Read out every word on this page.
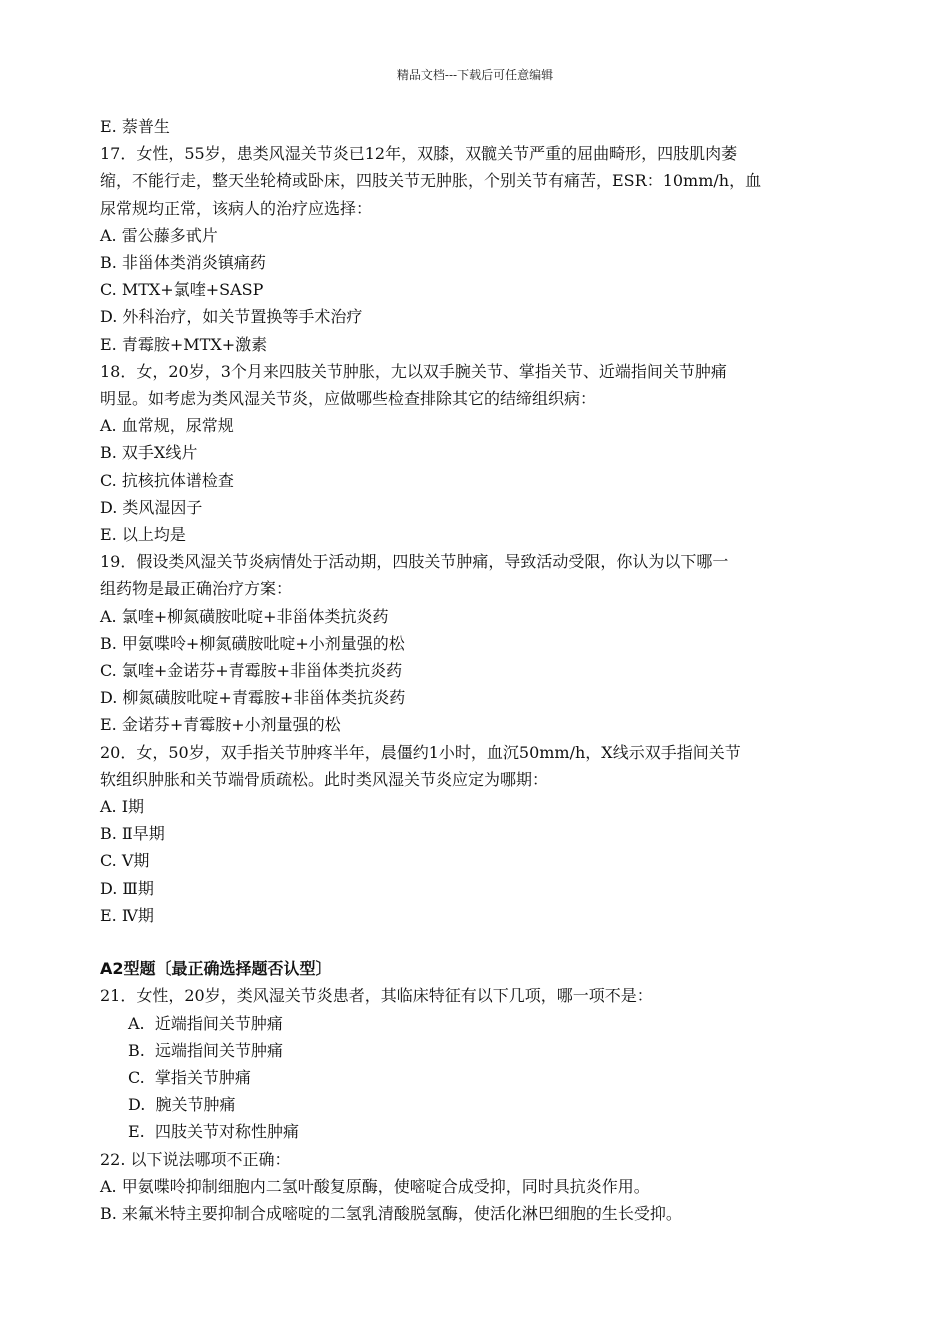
精品文档---下载后可任意编辑

E. 萘普生

17．女性，55岁，患类风湿关节炎已12年，双膝，双髋关节严重的屈曲畸形，四肢肌肉萎

缩，不能行走，整天坐轮椅或卧床，四肢关节无肿胀，个别关节有痛苦，ESR：10mm/h，血

尿常规均正常，该病人的治疗应选择：

A. 雷公藤多甙片

B. 非甾体类消炎镇痛药

C. MTX+氯喹+SASP

D. 外科治疗，如关节置换等手术治疗

E. 青霉胺+MTX+激素

18．女，20岁，3个月来四肢关节肿胀，尢以双手腕关节、掌指关节、近端指间关节肿痛

明显。如考虑为类风湿关节炎，应做哪些检查排除其它的结缔组织病：

A. 血常规，尿常规

B. 双手X线片

C. 抗核抗体谱检查

D. 类风湿因子

E. 以上均是

19．假设类风湿关节炎病情处于活动期，四肢关节肿痛，导致活动受限，你认为以下哪一

组药物是最正确治疗方案：

A. 氯喹+柳氮磺胺吡啶+非甾体类抗炎药

B. 甲氨喋呤+柳氮磺胺吡啶+小剂量强的松

C. 氯喹+金诺芬+青霉胺+非甾体类抗炎药

D. 柳氮磺胺吡啶+青霉胺+非甾体类抗炎药

E. 金诺芬+青霉胺+小剂量强的松

20．女，50岁，双手指关节肿疼半年，晨僵约1小时，血沉50mm/h，X线示双手指间关节

软组织肿胀和关节端骨质疏松。此时类风湿关节炎应定为哪期：

A. Ⅰ期

B. Ⅱ早期

C. Ⅴ期

D. Ⅲ期

E. Ⅳ期

A2型题〔最正确选择题否认型〕

21．女性，20岁，类风湿关节炎患者，其临床特征有以下几项，哪一项不是：

A.  近端指间关节肿痛

B.  远端指间关节肿痛

C.  掌指关节肿痛

D.  腕关节肿痛

E.  四肢关节对称性肿痛

22. 以下说法哪项不正确：

A. 甲氨喋呤抑制细胞内二氢叶酸复原酶，使嘧啶合成受抑，同时具抗炎作用。

B. 来氟米特主要抑制合成嘧啶的二氢乳清酸脱氢酶，使活化淋巴细胞的生长受抑。
